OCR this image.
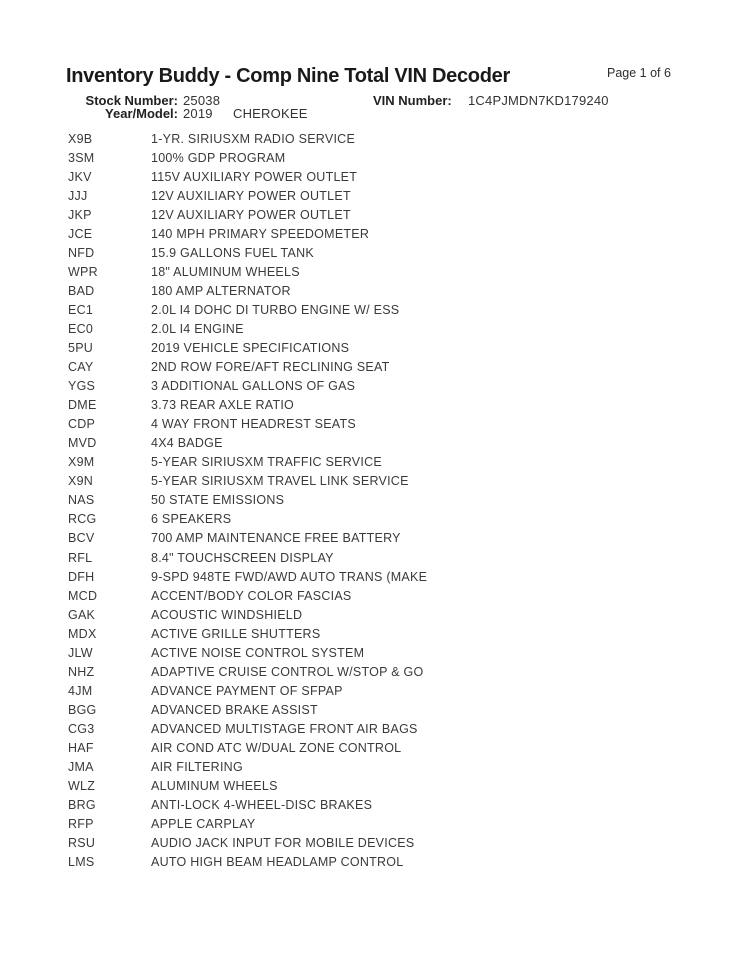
Inventory Buddy - Comp Nine Total VIN Decoder	Page 1 of 6
Stock Number: 25038	VIN Number: 1C4PJMDN7KD179240
Year/Model: 2019 CHEROKEE
X9B	1-YR. SIRIUSXM RADIO SERVICE
3SM	100% GDP PROGRAM
JKV	115V AUXILIARY POWER OUTLET
JJJ	12V AUXILIARY POWER OUTLET
JKP	12V AUXILIARY POWER OUTLET
JCE	140 MPH PRIMARY SPEEDOMETER
NFD	15.9 GALLONS FUEL TANK
WPR	18" ALUMINUM WHEELS
BAD	180 AMP ALTERNATOR
EC1	2.0L I4 DOHC DI TURBO ENGINE W/ ESS
EC0	2.0L I4 ENGINE
5PU	2019 VEHICLE SPECIFICATIONS
CAY	2ND ROW FORE/AFT RECLINING SEAT
YGS	3 ADDITIONAL GALLONS OF GAS
DME	3.73 REAR AXLE RATIO
CDP	4 WAY FRONT HEADREST SEATS
MVD	4X4 BADGE
X9M	5-YEAR SIRIUSXM TRAFFIC SERVICE
X9N	5-YEAR SIRIUSXM TRAVEL LINK SERVICE
NAS	50 STATE EMISSIONS
RCG	6 SPEAKERS
BCV	700 AMP MAINTENANCE FREE BATTERY
RFL	8.4" TOUCHSCREEN DISPLAY
DFH	9-SPD 948TE FWD/AWD AUTO TRANS (MAKE
MCD	ACCENT/BODY COLOR FASCIAS
GAK	ACOUSTIC WINDSHIELD
MDX	ACTIVE GRILLE SHUTTERS
JLW	ACTIVE NOISE CONTROL SYSTEM
NHZ	ADAPTIVE CRUISE CONTROL W/STOP & GO
4JM	ADVANCE PAYMENT OF SFPAP
BGG	ADVANCED BRAKE ASSIST
CG3	ADVANCED MULTISTAGE FRONT AIR BAGS
HAF	AIR COND ATC W/DUAL ZONE CONTROL
JMA	AIR FILTERING
WLZ	ALUMINUM WHEELS
BRG	ANTI-LOCK 4-WHEEL-DISC BRAKES
RFP	APPLE CARPLAY
RSU	AUDIO JACK INPUT FOR MOBILE DEVICES
LMS	AUTO HIGH BEAM HEADLAMP CONTROL
